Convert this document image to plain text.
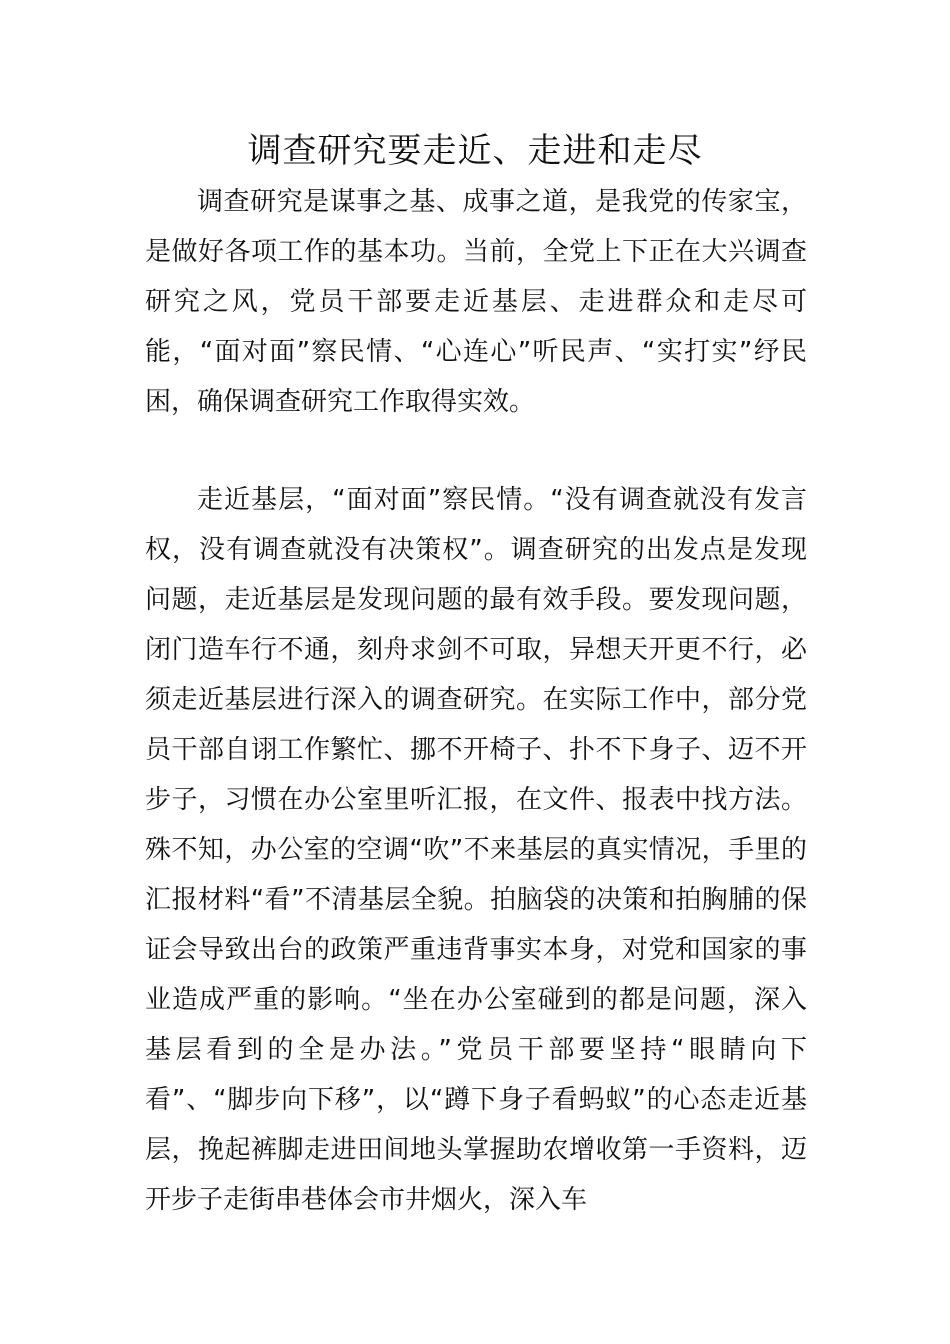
调查研究要走近、走进和走尽

调查研究是谋事之基、成事之道，是我党的传家宝，是做好各项工作的基本功。当前，全党上下正在大兴调查研究之风，党员干部要走近基层、走进群众和走尽可能，“面对面”察民情、“心连心”听民声、“实打实”纾民困，确保调查研究工作取得实效。

走近基层，“面对面”察民情。“没有调查就没有发言权，没有调查就没有决策权”。调查研究的出发点是发现问题，走近基层是发现问题的最有效手段。要发现问题，闭门造车行不通，刻舟求剑不可取，异想天开更不行，必须走近基层进行深入的调查研究。在实际工作中，部分党员干部自诩工作繁忙、挪不开椅子、扑不下身子、迈不开步子，习惯在办公室里听汇报，在文件、报表中找方法。殊不知，办公室的空调“吹”不来基层的真实情况，手里的汇报材料“看”不清基层全貌。拍脑袋的决策和拍胸脯的保证会导致出台的政策严重违背事实本身，对党和国家的事业造成严重的影响。“坐在办公室碰到的都是问题，深入基层看到的全是办法。”党员干部要坚持“眼睛向下看”、“脚步向下移”，以“蹲下身子看蚂蚁”的心态走近基层，挽起裤脚走进田间地头掌握助农增收第一手资料，迈开步子走街串巷体会市井烟火，深入车
